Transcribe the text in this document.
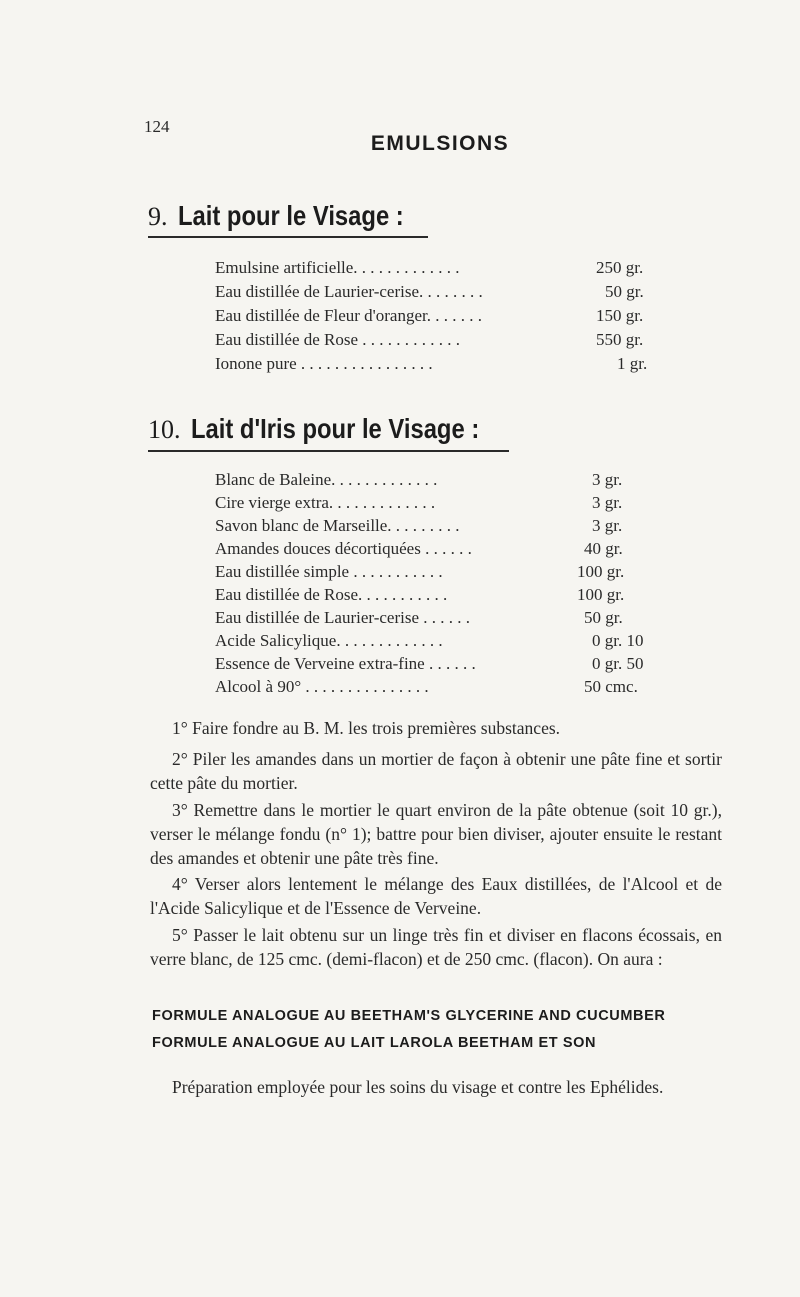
124
EMULSIONS
9. Lait pour le Visage :
Emulsine artificielle. . . . . . . . . . . . .	250 gr.
Eau distillée de Laurier-cerise. . . . . . . .	50 gr.
Eau distillée de Fleur d'oranger. . . . . . .	150 gr.
Eau distillée de Rose . . . . . . . . . . . .	550 gr.
Ionone pure . . . . . . . . . . . . . . . .	1 gr.
10. Lait d'Iris pour le Visage :
Blanc de Baleine. . . . . . . . . . . . .	3 gr.
Cire vierge extra. . . . . . . . . . . . .	3 gr.
Savon blanc de Marseille. . . . . . . . .	3 gr.
Amandes douces décortiquées . . . . . .	40 gr.
Eau distillée simple . . . . . . . . . . .	100 gr.
Eau distillée de Rose. . . . . . . . . . .	100 gr.
Eau distillée de Laurier-cerise . . . . . .	50 gr.
Acide Salicylique. . . . . . . . . . . . .	0 gr. 10
Essence de Verveine extra-fine . . . . . .	0 gr. 50
Alcool à 90° . . . . . . . . . . . . . . .	50 cmc.
1° Faire fondre au B. M. les trois premières substances.
2° Piler les amandes dans un mortier de façon à obtenir une pâte fine et sortir cette pâte du mortier.
3° Remettre dans le mortier le quart environ de la pâte obtenue (soit 10 gr.), verser le mélange fondu (n° 1); battre pour bien diviser, ajouter ensuite le restant des amandes et obtenir une pâte très fine.
4° Verser alors lentement le mélange des Eaux distillées, de l'Alcool et de l'Acide Salicylique et de l'Essence de Verveine.
5° Passer le lait obtenu sur un linge très fin et diviser en flacons écossais, en verre blanc, de 125 cmc. (demi-flacon) et de 250 cmc. (flacon). On aura :
FORMULE ANALOGUE AU BEETHAM'S GLYCERINE AND CUCUMBER
FORMULE ANALOGUE AU LAIT LAROLA BEETHAM ET SON
Préparation employée pour les soins du visage et contre les Ephélides.
